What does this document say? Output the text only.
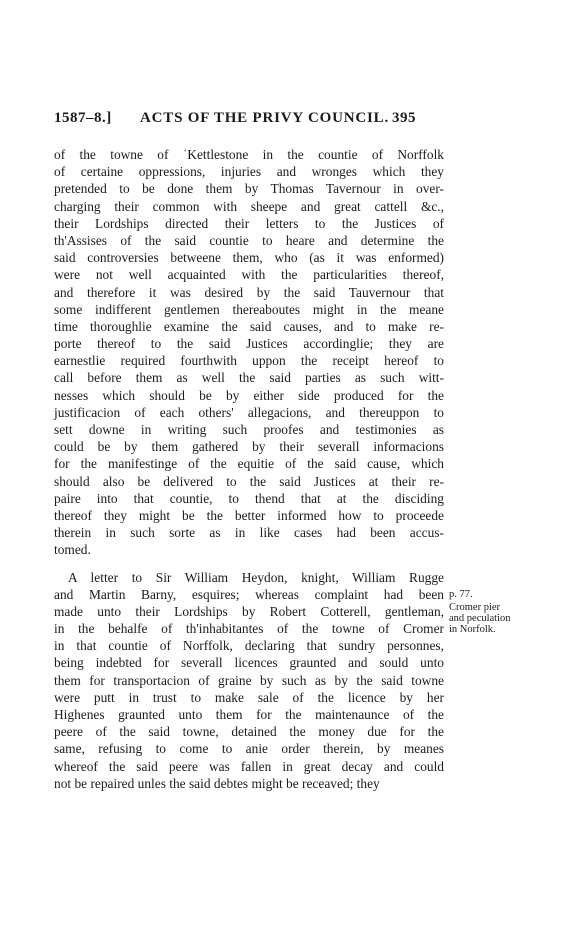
1587–8.] ACTS OF THE PRIVY COUNCIL. 395
of the towne of ˈKettlestone in the countie of Norffolk
of certaine oppressions, injuries and wronges which they
pretended to be done them by Thomas Tavernour in over-
charging their common with sheepe and great cattell &c.,
their Lordships directed their letters to the Justices of
th'Assises of the said countie to heare and determine the
said controversies betweene them, who (as it was enformed)
were not well acquainted with the particularities thereof,
and therefore it was desired by the said Tauvernour that
some indifferent gentlemen thereaboutes might in the meane
time thoroughlie examine the said causes, and to make re-
porte thereof to the said Justices accordinglie; they are
earnestlie required fourthwith uppon the receipt hereof to
call before them as well the said parties as such witt-
nesses which should be by either side produced for the
justificacion of each others' allegacions, and thereuppon to
sett downe in writing such proofes and testimonies as
could be by them gathered by their severall informacions
for the manifestinge of the equitie of the said cause, which
should also be delivered to the said Justices at their re-
paire into that countie, to thend that at the disciding
thereof they might be the better informed how to proceede
therein in such sorte as in like cases had been accus-
tomed.
A letter to Sir William Heydon, knight, William Rugge
and Martin Barny, esquires; whereas complaint had been
made unto their Lordships by Robert Cotterell, gentleman,
in the behalfe of th'inhabitantes of the towne of Cromer
in that countie of Norffolk, declaring that sundry personnes,
being indebted for severall licences graunted and sould unto
them for transportacion of graine by such as by the said towne
were putt in trust to make sale of the licence by her
Highenes graunted unto them for the maintenaunce of the
peere of the said towne, detained the money due for the
same, refusing to come to anie order therein, by meanes
whereof the said peere was fallen in great decay and could
not be repaired unles the said debtes might be receaved; they
p. 77.
Cromer pier
and peculation
in Norfolk.
